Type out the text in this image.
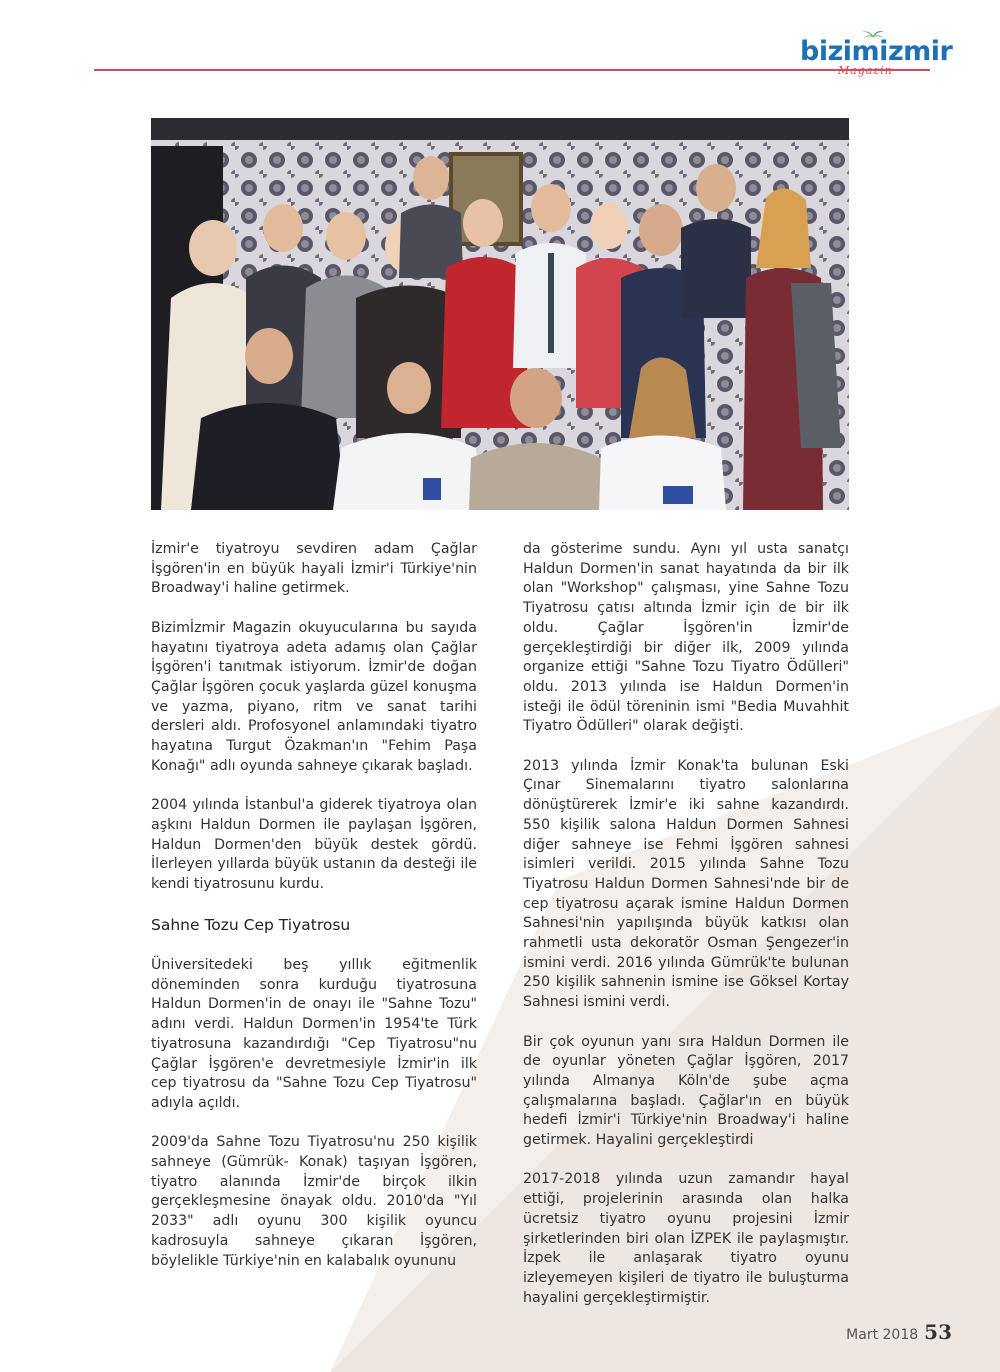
bizimizmir
Magazin

İzmir'e tiyatroyu sevdiren adam Çağlar İşgören'in en büyük hayali İzmir'i Türkiye'nin Broadway'i haline getirmek.

Bizimİzmir Magazin okuyucularına bu sayıda hayatını tiyatroya adeta adamış olan Çağlar İşgören'i tanıtmak istiyorum. İzmir'de doğan Çağlar İşgören çocuk yaşlarda güzel konuşma ve yazma, piyano, ritm ve sanat tarihi dersleri aldı. Profosyonel anlamındaki tiyatro hayatına Turgut Özakman'ın "Fehim Paşa Konağı" adlı oyunda sahneye çıkarak başladı.

2004 yılında İstanbul'a giderek tiyatroya olan aşkını Haldun Dormen ile paylaşan İşgören, Haldun Dormen'den büyük destek gördü. İlerleyen yıllarda büyük ustanın da desteği ile kendi tiyatrosunu kurdu.

Sahne Tozu Cep Tiyatrosu

Üniversitedeki beş yıllık eğitmenlik döneminden sonra kurduğu tiyatrosuna Haldun Dormen'in de onayı ile "Sahne Tozu" adını verdi. Haldun Dormen'in 1954'te Türk tiyatrosuna kazandırdığı "Cep Tiyatrosu"nu Çağlar İşgören'e devretmesiyle İzmir'in ilk cep tiyatrosu da "Sahne Tozu Cep Tiyatrosu" adıyla açıldı.

2009'da Sahne Tozu Tiyatrosu'nu 250 kişilik sahneye (Gümrük- Konak) taşıyan İşgören, tiyatro alanında İzmir'de birçok ilkin gerçekleşmesine önayak oldu. 2010'da "Yıl 2033" adlı oyunu 300 kişilik oyuncu kadrosuyla sahneye çıkaran İşgören, böylelikle Türkiye'nin en kalabalık oyununu

da gösterime sundu. Aynı yıl usta sanatçı Haldun Dormen'in sanat hayatında da bir ilk olan "Workshop" çalışması, yine Sahne Tozu Tiyatrosu çatısı altında İzmir için de bir ilk oldu. Çağlar İşgören'in İzmir'de gerçekleştirdiği bir diğer ilk, 2009 yılında organize ettiği "Sahne Tozu Tiyatro Ödülleri" oldu. 2013 yılında ise Haldun Dormen'in isteği ile ödül töreninin ismi "Bedia Muvahhit Tiyatro Ödülleri" olarak değişti.

2013 yılında İzmir Konak'ta bulunan Eski Çınar Sinemalarını tiyatro salonlarına dönüştürerek İzmir'e iki sahne kazandırdı. 550 kişilik salona Haldun Dormen Sahnesi diğer sahneye ise Fehmi İşgören sahnesi isimleri verildi. 2015 yılında Sahne Tozu Tiyatrosu Haldun Dormen Sahnesi'nde bir de cep tiyatrosu açarak ismine Haldun Dormen Sahnesi'nin yapılışında büyük katkısı olan rahmetli usta dekoratör Osman Şengezer'in ismini verdi. 2016 yılında Gümrük'te bulunan 250 kişilik sahnenin ismine ise Göksel Kortay Sahnesi ismini verdi.

Bir çok oyunun yanı sıra Haldun Dormen ile de oyunlar yöneten Çağlar İşgören, 2017 yılında Almanya Köln'de şube açma çalışmalarına başladı. Çağlar'ın en büyük hedefi İzmir'i Türkiye'nin Broadway'i haline getirmek. Hayalini gerçekleştirdi

2017-2018 yılında uzun zamandır hayal ettiği, projelerinin arasında olan halka ücretsiz tiyatro oyunu projesini İzmir şirketlerinden biri olan İZPEK ile paylaşmıştır. İzpek ile anlaşarak tiyatro oyunu izleyemeyen kişileri de tiyatro ile buluşturma hayalini gerçekleştirmiştir.

Mart 2018 53
